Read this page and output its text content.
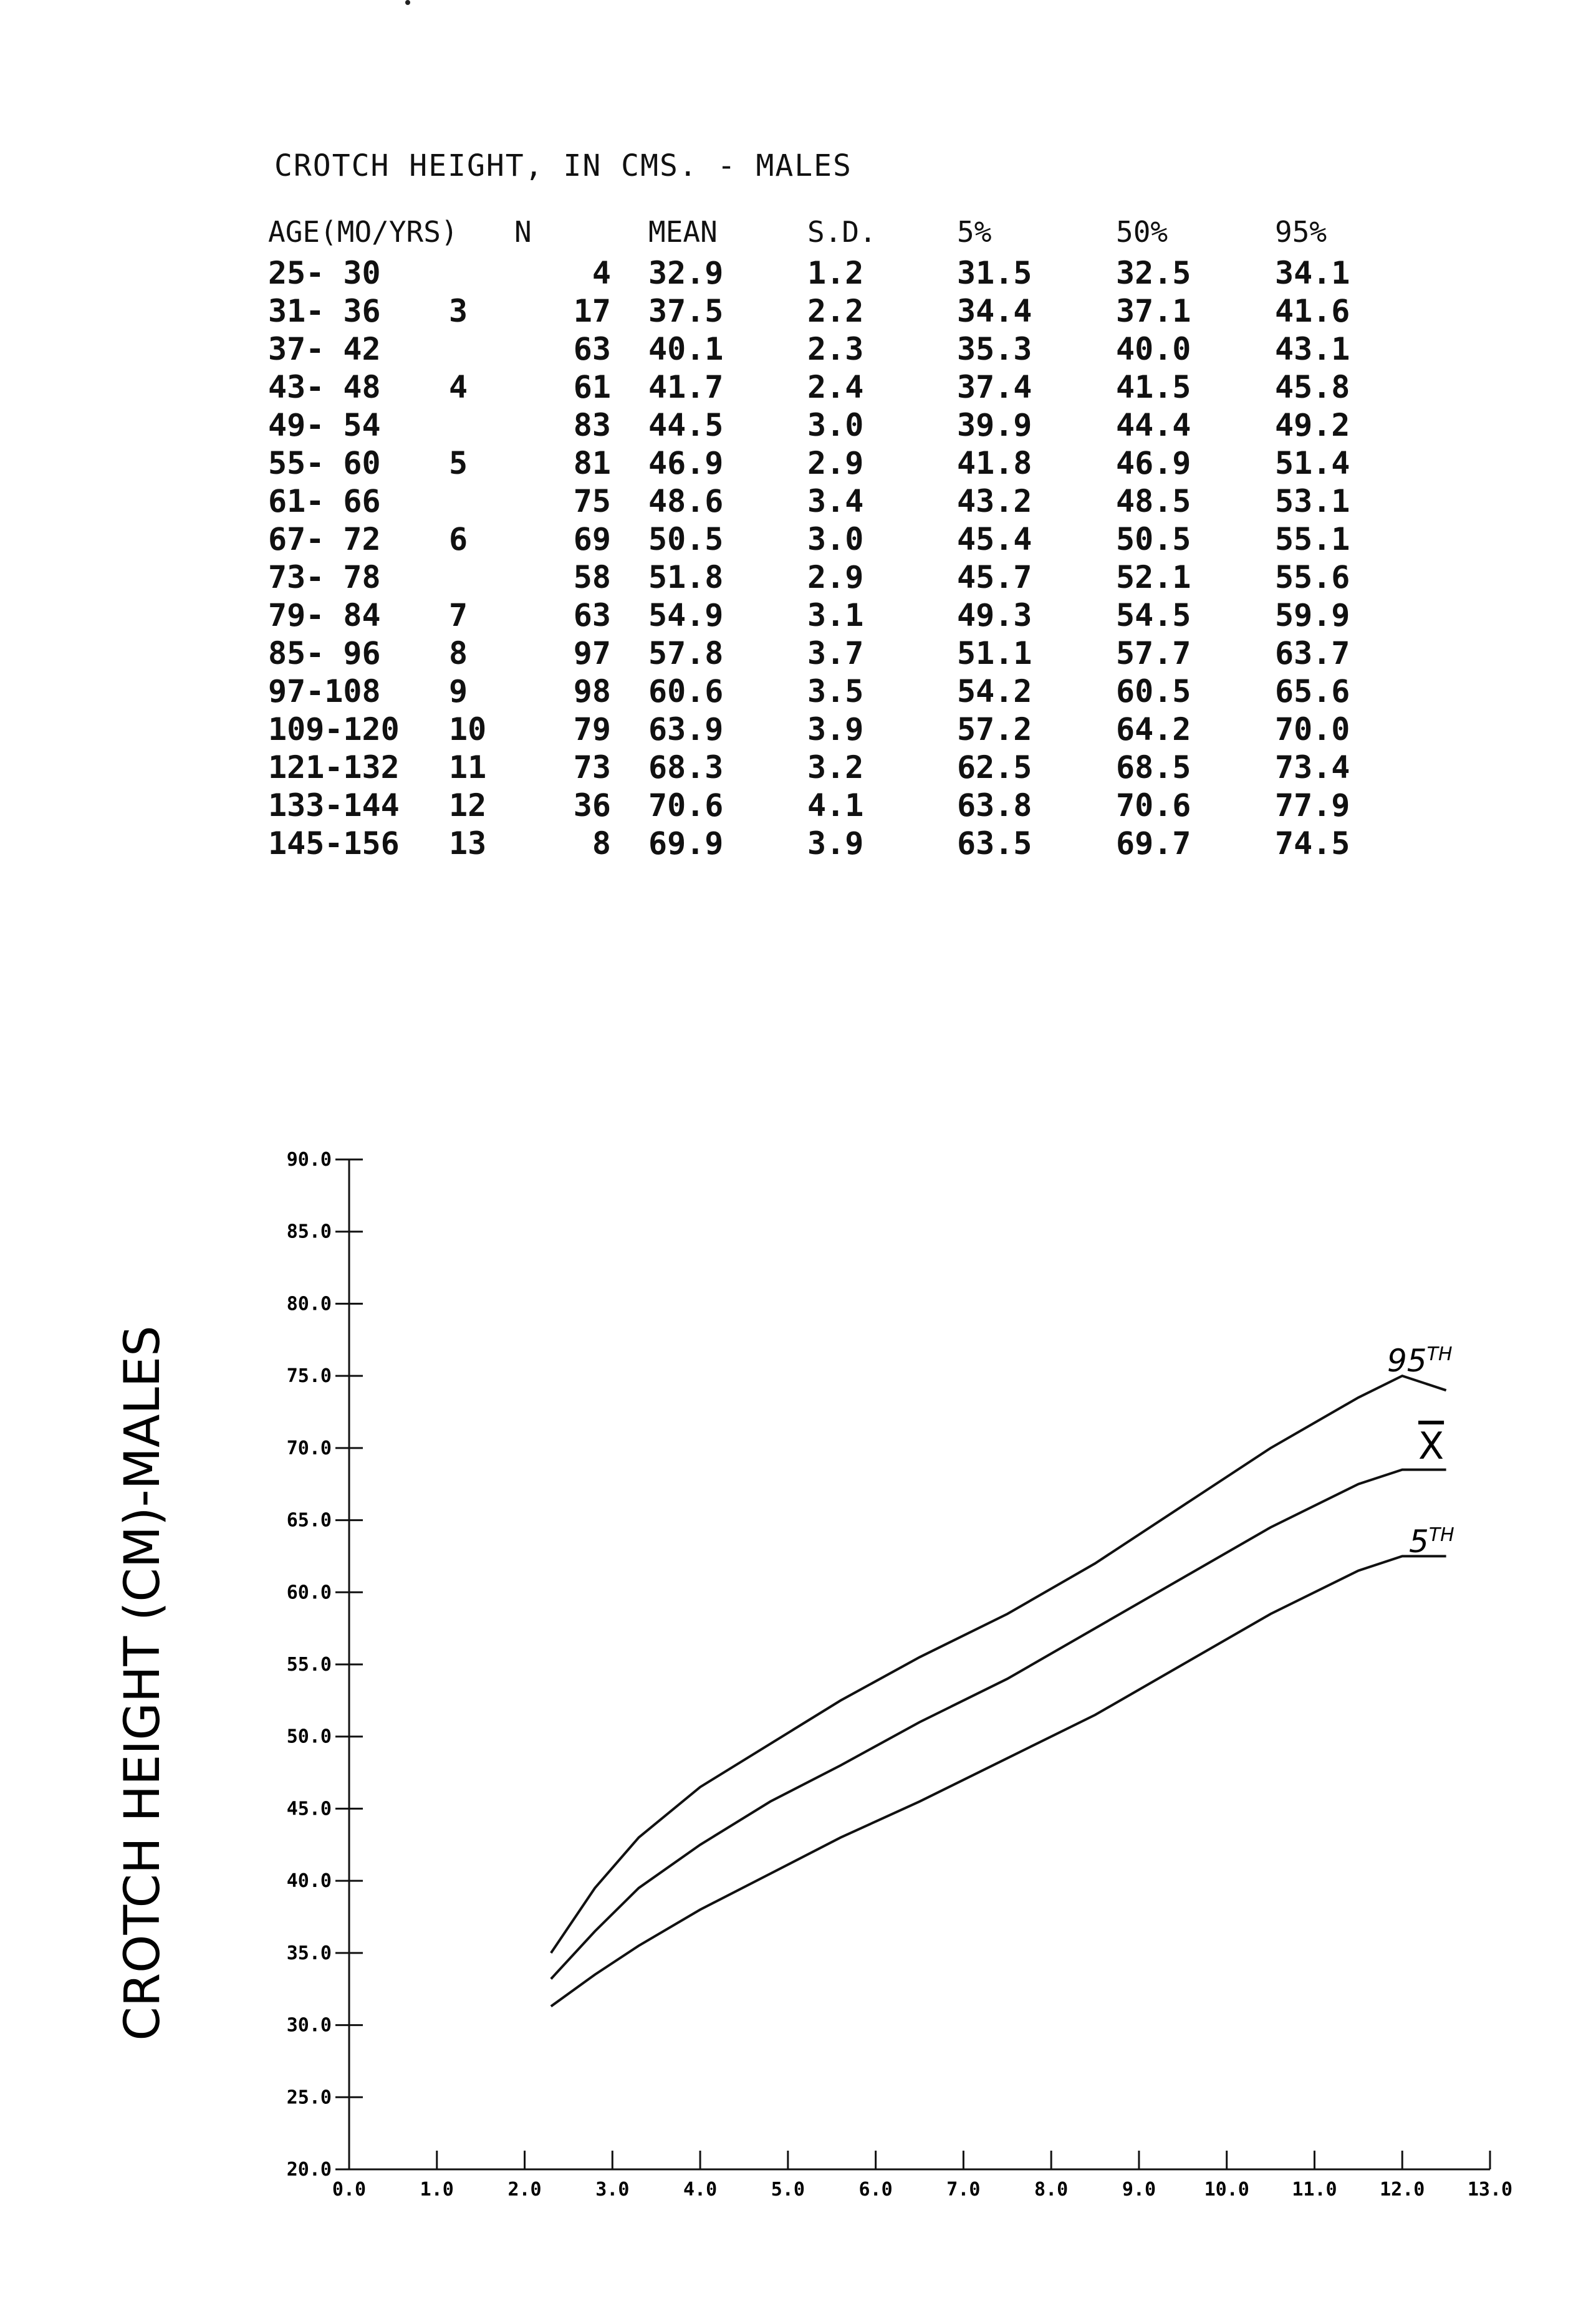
CROTCH HEIGHT, IN CMS. - MALES
AGE(MO/YRS)	N	MEAN	S.D.	5%	50%	95%
25- 30	4	32.9	1.2	31.5	32.5	34.1
31- 36 3	17	37.5	2.2	34.4	37.1	41.6
37- 42	63	40.1	2.3	35.3	40.0	43.1
43- 48 4	61	41.7	2.4	37.4	41.5	45.8
49- 54	83	44.5	3.0	39.9	44.4	49.2
55- 60 5	81	46.9	2.9	41.8	46.9	51.4
61- 66	75	48.6	3.4	43.2	48.5	53.1
67- 72 6	69	50.5	3.0	45.4	50.5	55.1
73- 78	58	51.8	2.9	45.7	52.1	55.6
79- 84 7	63	54.9	3.1	49.3	54.5	59.9
85- 96 8	97	57.8	3.7	51.1	57.7	63.7
97-108 9	98	60.6	3.5	54.2	60.5	65.6
109-120 10	79	63.9	3.9	57.2	64.2	70.0
121-132 11	73	68.3	3.2	62.5	68.5	73.4
133-144 12	36	70.6	4.1	63.8	70.6	77.9
145-156 13	8	69.9	3.9	63.5	69.7	74.5
20.0
25.0
30.0
35.0
40.0
45.0
50.0
55.0
60.0
65.0
70.0
75.0
80.0
85.0
90.0
0.0	1.0	2.0	3.0	4.0	5.0	6.0	7.0	8.0	9.0	10.0 11.0 12.0 13.0
95TH
X
5TH
CROTCH HEIGHT (CM)-MALES
